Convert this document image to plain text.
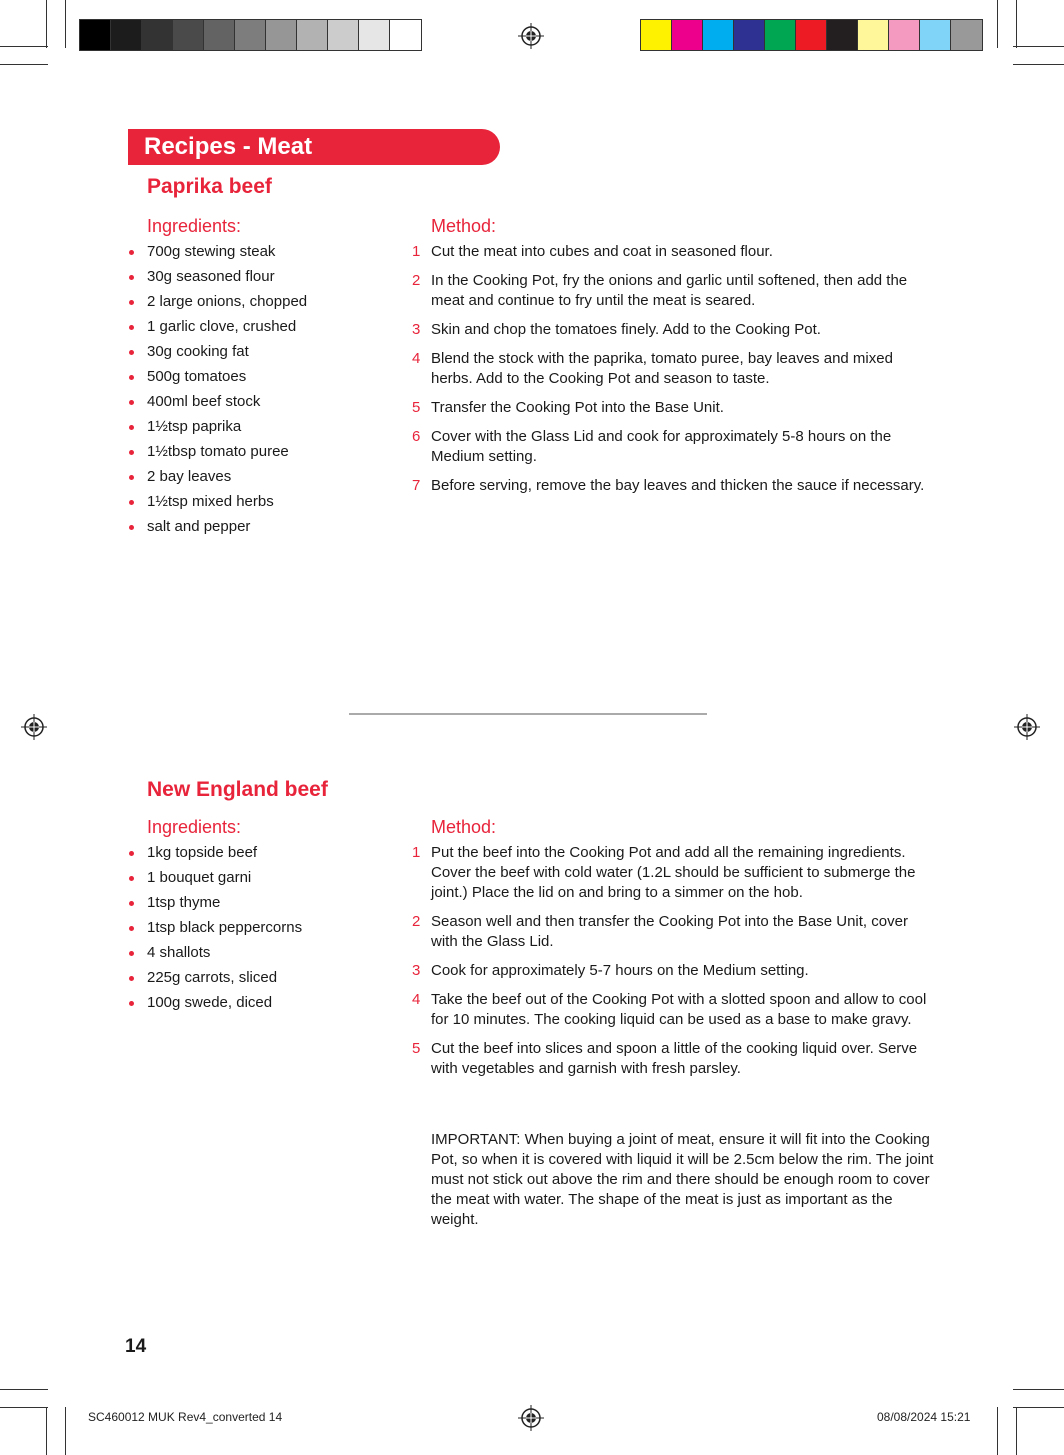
Recipes - Meat
Paprika beef
Ingredients:	Method:
700g stewing steak
30g seasoned flour
2 large onions, chopped
1 garlic clove, crushed
30g cooking fat
500g tomatoes
400ml beef stock
1½tsp paprika
1½tbsp tomato puree
2 bay leaves
1½tsp mixed herbs
salt and pepper
1 Cut the meat into cubes and coat in seasoned flour.
2 In the Cooking Pot, fry the onions and garlic until softened, then add the meat and continue to fry until the meat is seared.
3 Skin and chop the tomatoes finely. Add to the Cooking Pot.
4 Blend the stock with the paprika, tomato puree, bay leaves and mixed herbs. Add to the Cooking Pot and season to taste.
5 Transfer the Cooking Pot into the Base Unit.
6 Cover with the Glass Lid and cook for approximately 5-8 hours on the Medium setting.
7 Before serving, remove the bay leaves and thicken the sauce if necessary.
New England beef
Ingredients:	Method:
1kg topside beef
1 bouquet garni
1tsp thyme
1tsp black peppercorns
4 shallots
225g carrots, sliced
100g swede, diced
1 Put the beef into the Cooking Pot and add all the remaining ingredients. Cover the beef with cold water (1.2L should be sufficient to submerge the joint.) Place the lid on and bring to a simmer on the hob.
2 Season well and then transfer the Cooking Pot into the Base Unit, cover with the Glass Lid.
3 Cook for approximately 5-7 hours on the Medium setting.
4 Take the beef out of the Cooking Pot with a slotted spoon and allow to cool for 10 minutes. The cooking liquid can be used as a base to make gravy.
5 Cut the beef into slices and spoon a little of the cooking liquid over. Serve with vegetables and garnish with fresh parsley.
IMPORTANT: When buying a joint of meat, ensure it will fit into the Cooking Pot, so when it is covered with liquid it will be 2.5cm below the rim. The joint must not stick out above the rim and there should be enough room to cover the meat with water. The shape of the meat is just as important as the weight.
14
SC460012 MUK Rev4_converted 14	08/08/2024 15:21
